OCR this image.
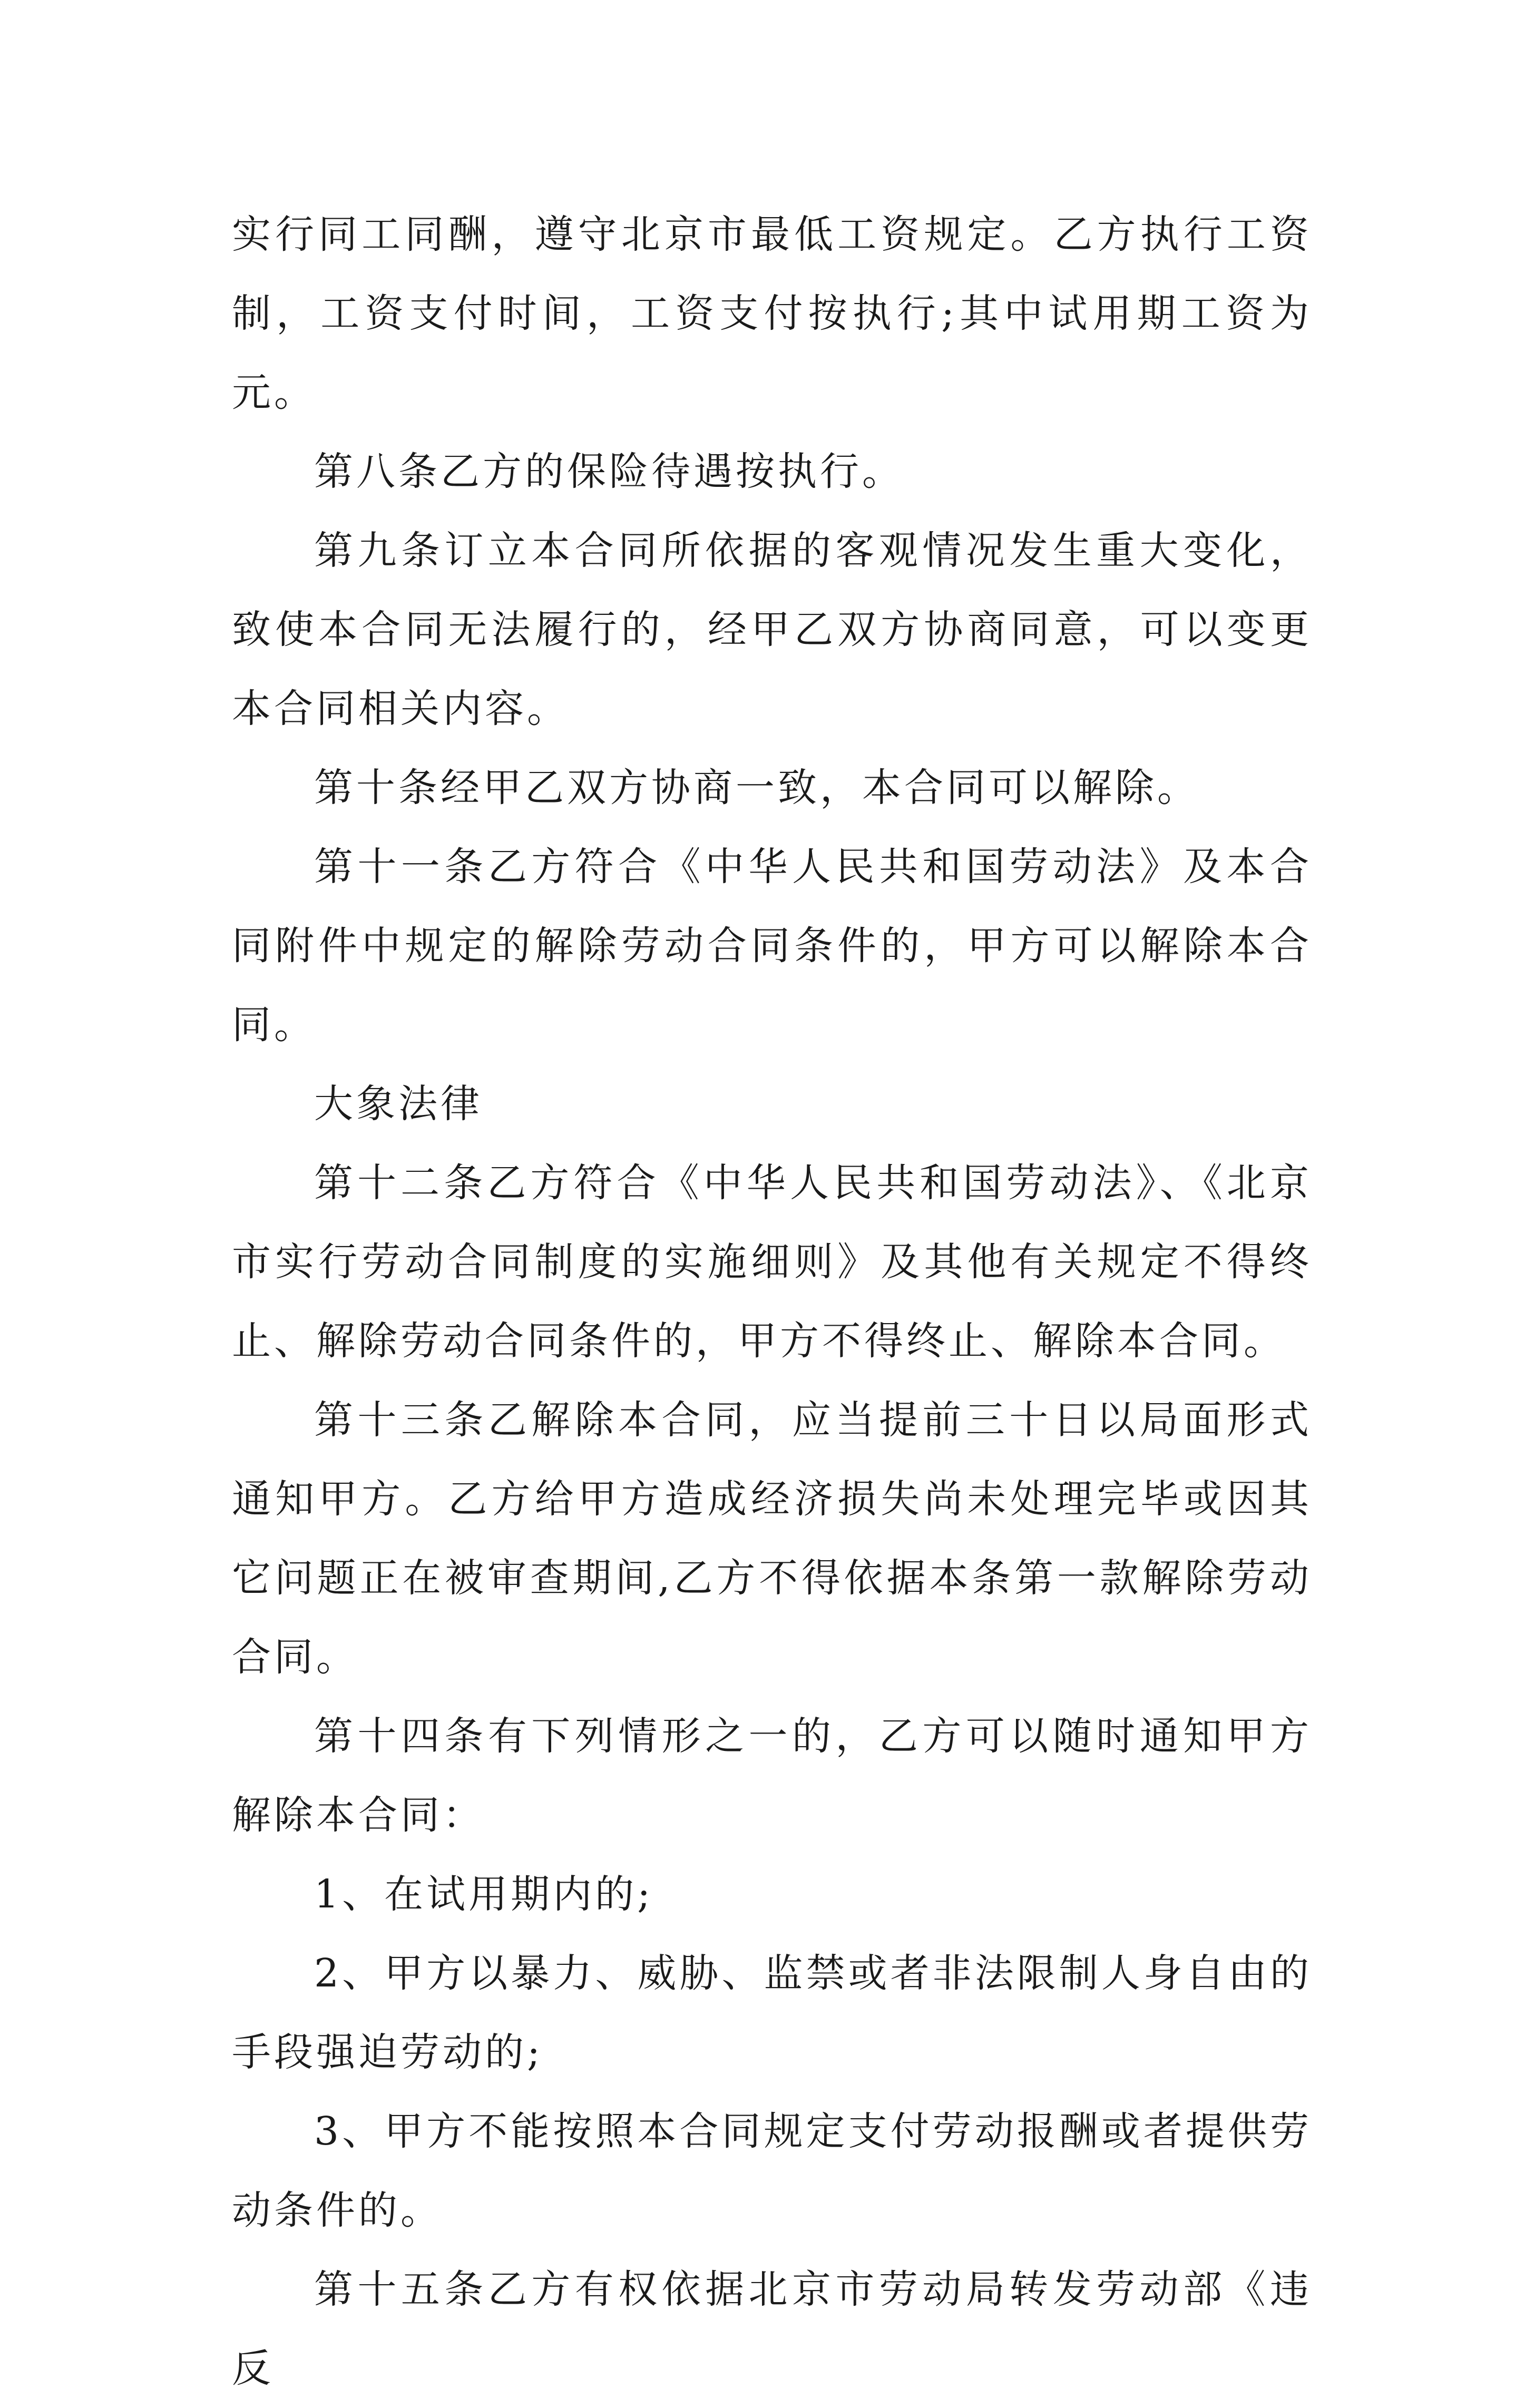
实行同工同酬，遵守北京市最低工资规定。乙方执行工资制，工资支付时间，工资支付按执行;其中试用期工资为元。

第八条乙方的保险待遇按执行。

第九条订立本合同所依据的客观情况发生重大变化，致使本合同无法履行的，经甲乙双方协商同意，可以变更本合同相关内容。

第十条经甲乙双方协商一致，本合同可以解除。

第十一条乙方符合《中华人民共和国劳动法》及本合同附件中规定的解除劳动合同条件的，甲方可以解除本合同。

大象法律

第十二条乙方符合《中华人民共和国劳动法》、《北京市实行劳动合同制度的实施细则》及其他有关规定不得终止、解除劳动合同条件的，甲方不得终止、解除本合同。

第十三条乙解除本合同，应当提前三十日以局面形式通知甲方。乙方给甲方造成经济损失尚未处理完毕或因其它问题正在被审查期间,乙方不得依据本条第一款解除劳动合同。

第十四条有下列情形之一的，乙方可以随时通知甲方解除本合同：

1、在试用期内的;

2、甲方以暴力、威胁、监禁或者非法限制人身自由的手段强迫劳动的;

3、甲方不能按照本合同规定支付劳动报酬或者提供劳动条件的。

第十五条乙方有权依据北京市劳动局转发劳动部《违反
